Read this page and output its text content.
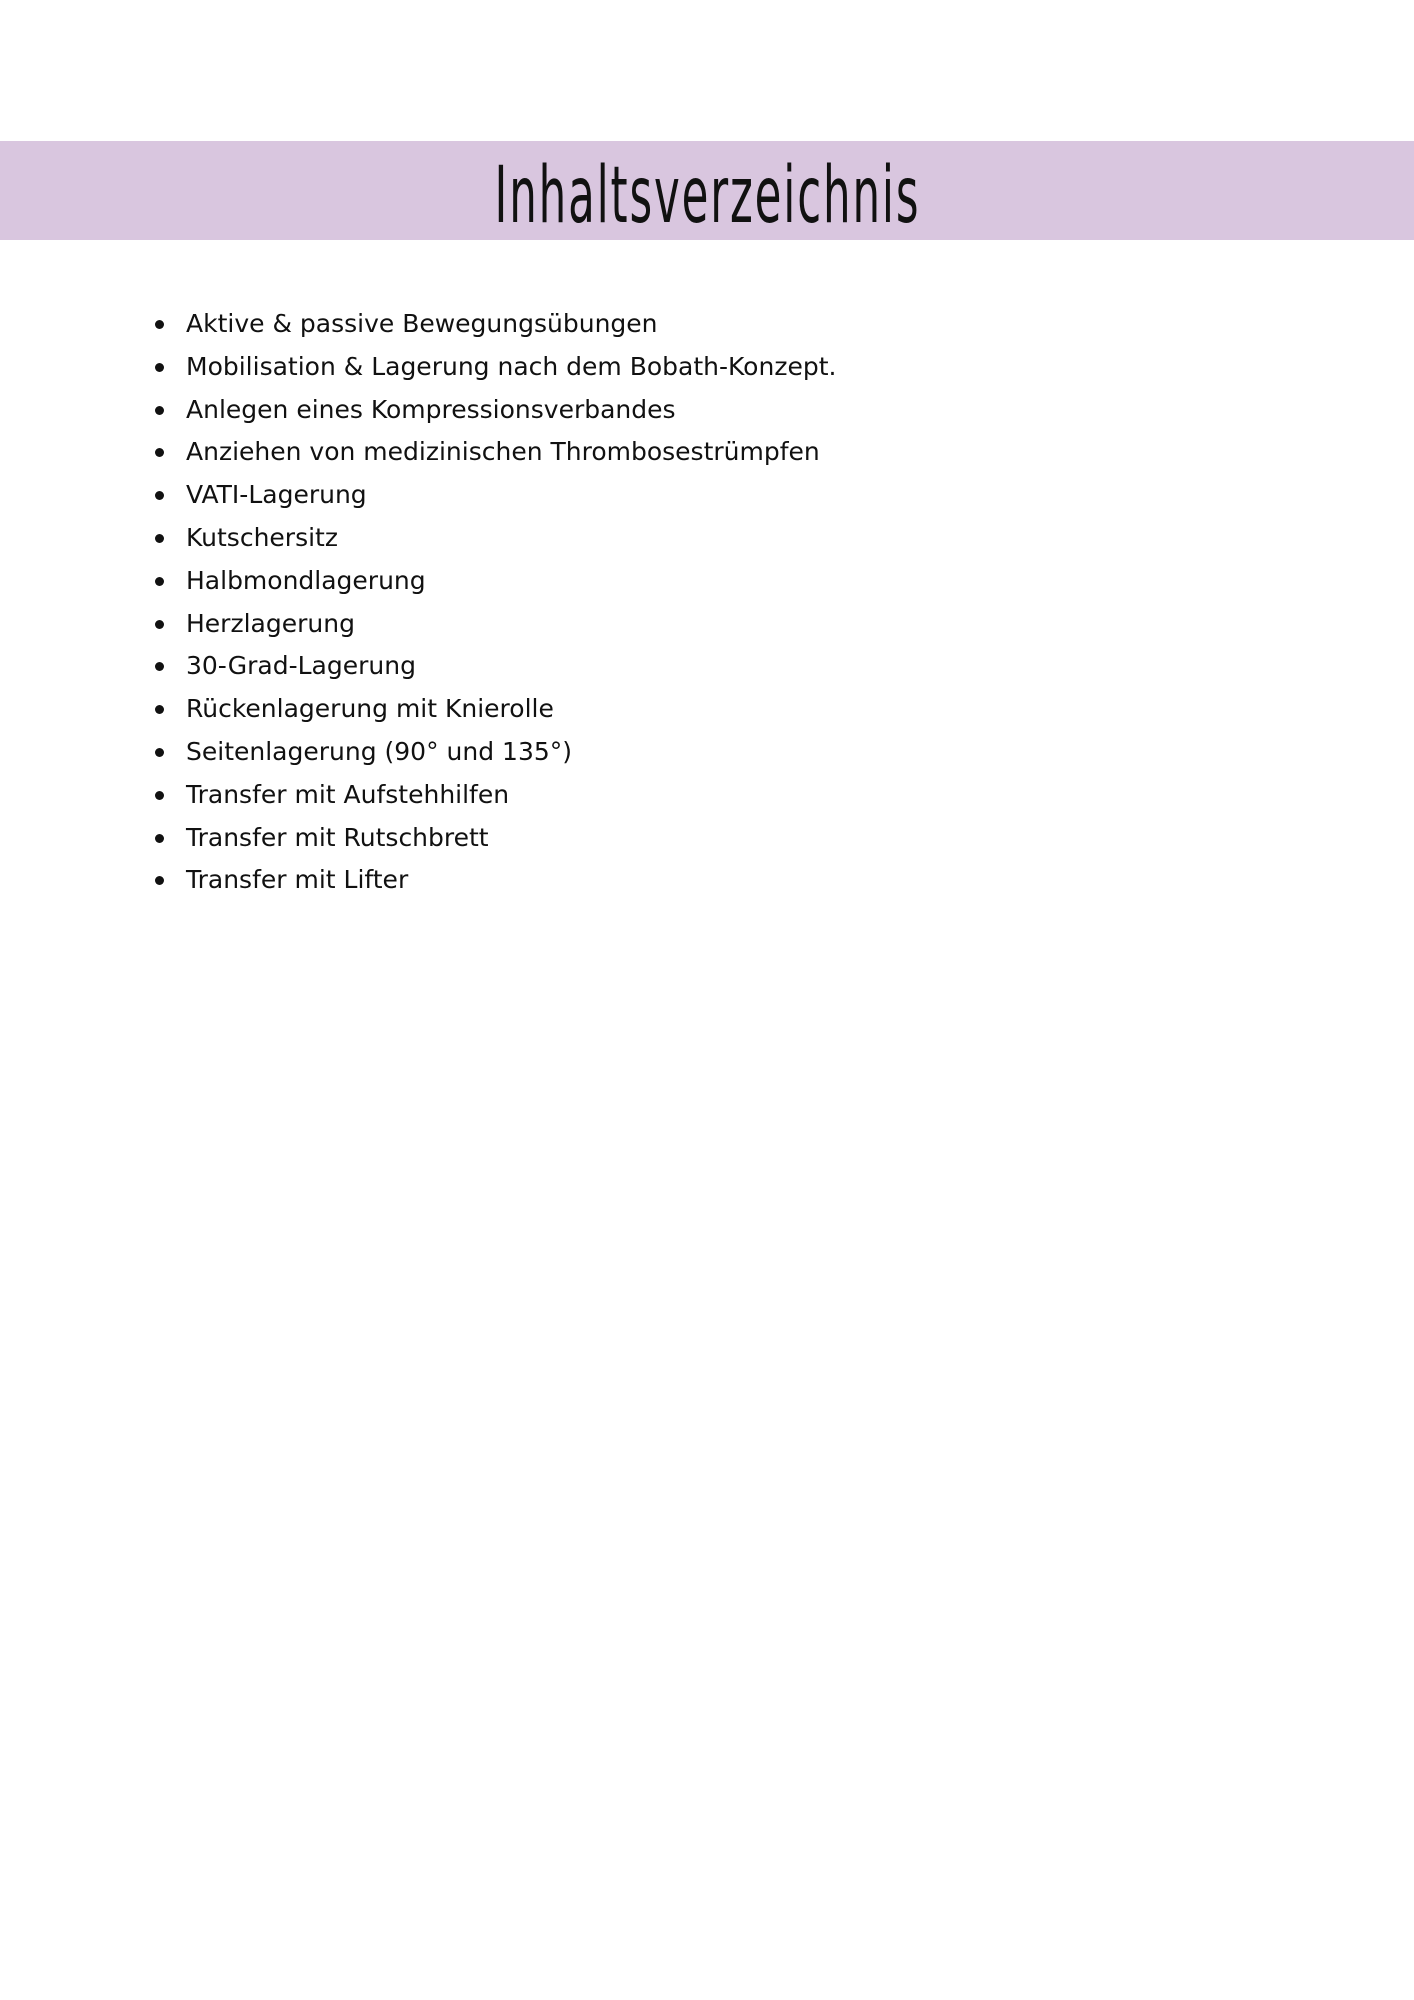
Inhaltsverzeichnis
Aktive & passive Bewegungsübungen
Mobilisation & Lagerung nach dem Bobath-Konzept.
Anlegen eines Kompressionsverbandes
Anziehen von medizinischen Thrombosestrümpfen
VATI-Lagerung
Kutschersitz
Halbmondlagerung
Herzlagerung
30-Grad-Lagerung
Rückenlagerung mit Knierolle
Seitenlagerung (90° und 135°)
Transfer mit Aufstehhilfen
Transfer mit Rutschbrett
Transfer mit Lifter
